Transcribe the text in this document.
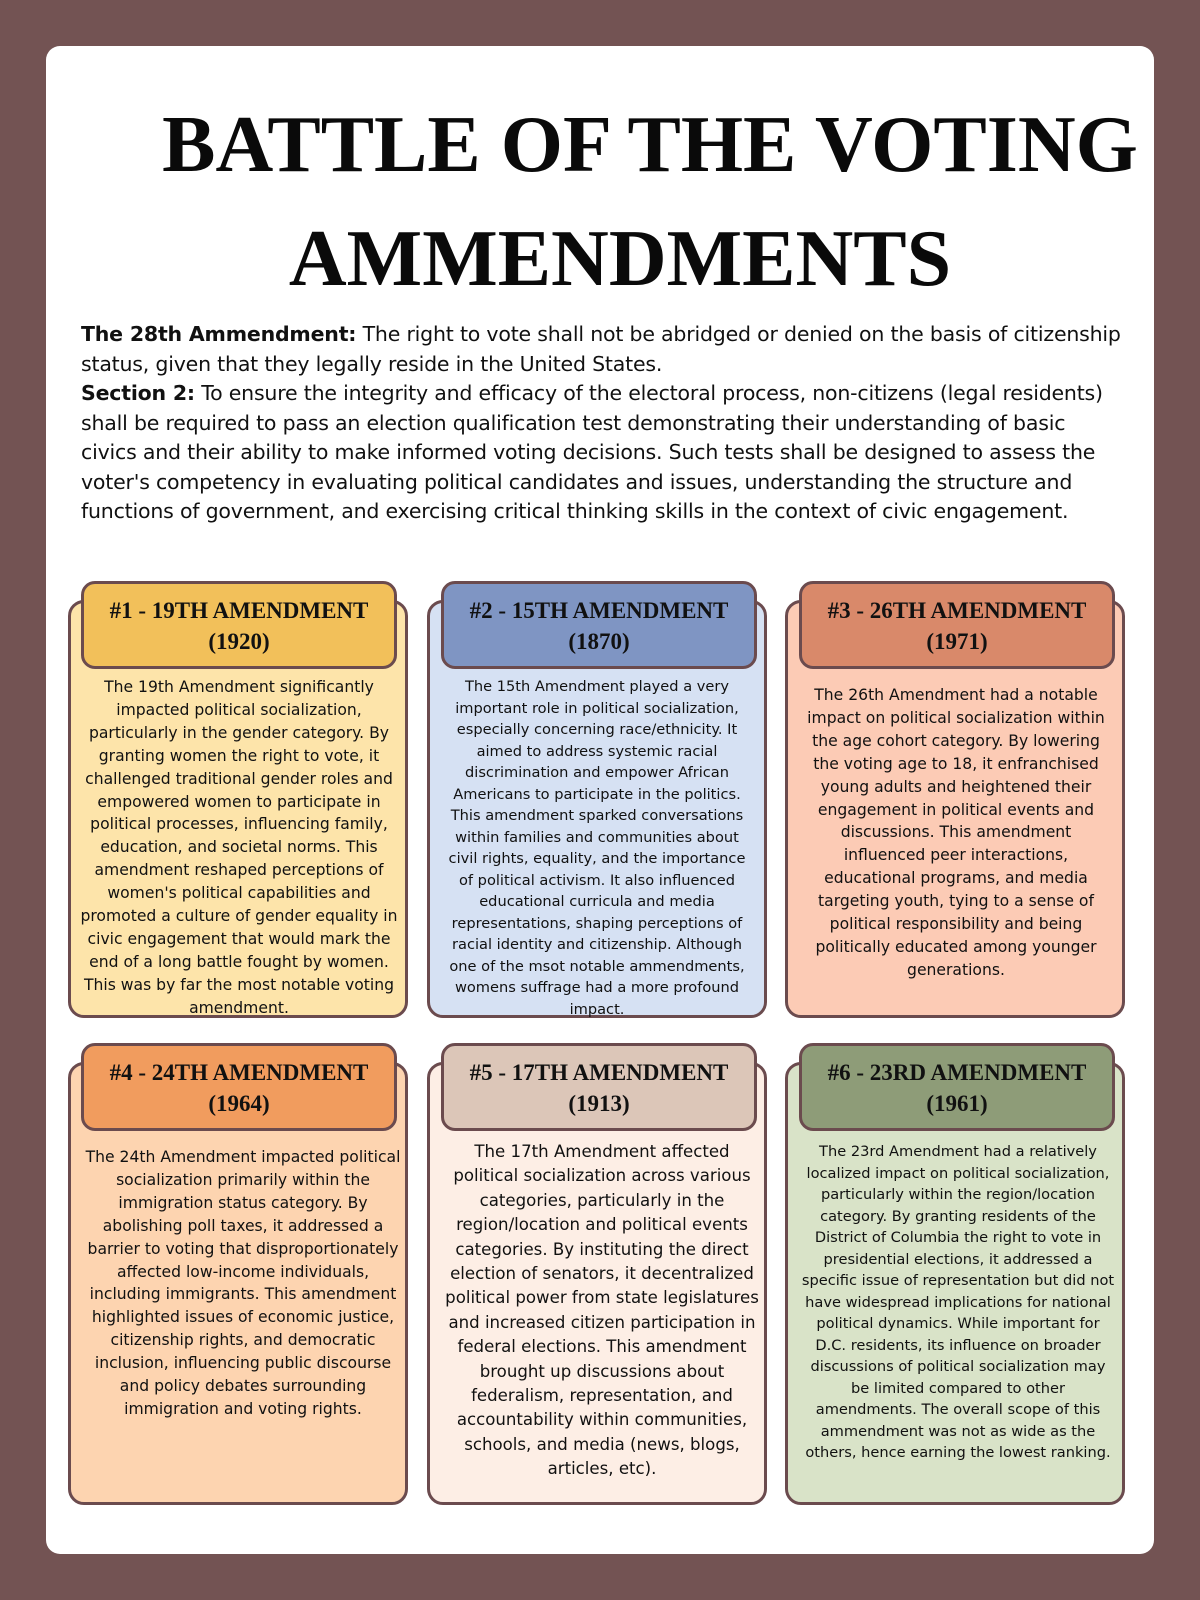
BATTLE OF THE VOTING
AMMENDMENTS

The 28th Ammendment: The right to vote shall not be abridged or denied on the basis of citizenship status, given that they legally reside in the United States.

Section 2: To ensure the integrity and efficacy of the electoral process, non-citizens (legal residents) shall be required to pass an election qualification test demonstrating their understanding of basic civics and their ability to make informed voting decisions. Such tests shall be designed to assess the voter's competency in evaluating political candidates and issues, understanding the structure and functions of government, and exercising critical thinking skills in the context of civic engagement.

#1 - 19TH AMENDMENT
(1920)

The 19th Amendment significantly impacted political socialization, particularly in the gender category. By granting women the right to vote, it challenged traditional gender roles and empowered women to participate in political processes, influencing family, education, and societal norms. This amendment reshaped perceptions of women's political capabilities and promoted a culture of gender equality in civic engagement that would mark the end of a long battle fought by women. This was by far the most notable voting amendment.

#2 - 15TH AMENDMENT
(1870)

The 15th Amendment played a very important role in political socialization, especially concerning race/ethnicity. It aimed to address systemic racial discrimination and empower African Americans to participate in the politics. This amendment sparked conversations within families and communities about civil rights, equality, and the importance of political activism. It also influenced educational curricula and media representations, shaping perceptions of racial identity and citizenship. Although one of the msot notable ammendments, womens suffrage had a more profound impact.

#3 - 26TH AMENDMENT
(1971)

The 26th Amendment had a notable impact on political socialization within the age cohort category. By lowering the voting age to 18, it enfranchised young adults and heightened their engagement in political events and discussions. This amendment influenced peer interactions, educational programs, and media targeting youth, tying to a sense of political responsibility and being politically educated among younger generations.

#4 - 24TH AMENDMENT
(1964)

The 24th Amendment impacted political socialization primarily within the immigration status category. By abolishing poll taxes, it addressed a barrier to voting that disproportionately affected low-income individuals, including immigrants. This amendment highlighted issues of economic justice, citizenship rights, and democratic inclusion, influencing public discourse and policy debates surrounding immigration and voting rights.

#5 - 17TH AMENDMENT
(1913)

The 17th Amendment affected political socialization across various categories, particularly in the region/location and political events categories. By instituting the direct election of senators, it decentralized political power from state legislatures and increased citizen participation in federal elections. This amendment brought up discussions about federalism, representation, and accountability within communities, schools, and media (news, blogs, articles, etc).

#6 - 23RD AMENDMENT
(1961)

The 23rd Amendment had a relatively localized impact on political socialization, particularly within the region/location category. By granting residents of the District of Columbia the right to vote in presidential elections, it addressed a specific issue of representation but did not have widespread implications for national political dynamics. While important for D.C. residents, its influence on broader discussions of political socialization may be limited compared to other amendments. The overall scope of this ammendment was not as wide as the others, hence earning the lowest ranking.
